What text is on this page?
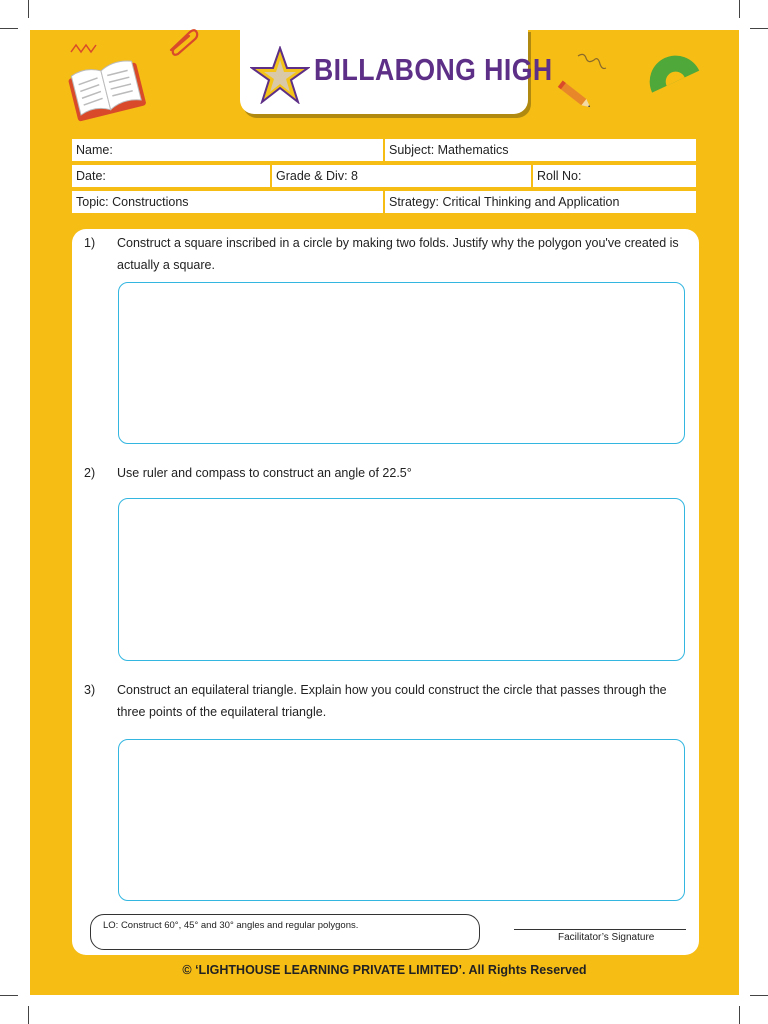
BILLABONG HIGH
Name:	Subject: Mathematics
Date:	Grade & Div: 8	Roll No:
Topic: Constructions	Strategy: Critical Thinking and Application
1) Construct a square inscribed in a circle by making two folds. Justify why the polygon you've created is actually a square.
2) Use ruler and compass to construct an angle of 22.5°
3) Construct an equilateral triangle. Explain how you could construct the circle that passes through the three points of the equilateral triangle.
LO: Construct 60°, 45° and 30° angles and regular polygons.
Facilitator’s Signature
© ‘LIGHTHOUSE LEARNING PRIVATE LIMITED’. All Rights Reserved
